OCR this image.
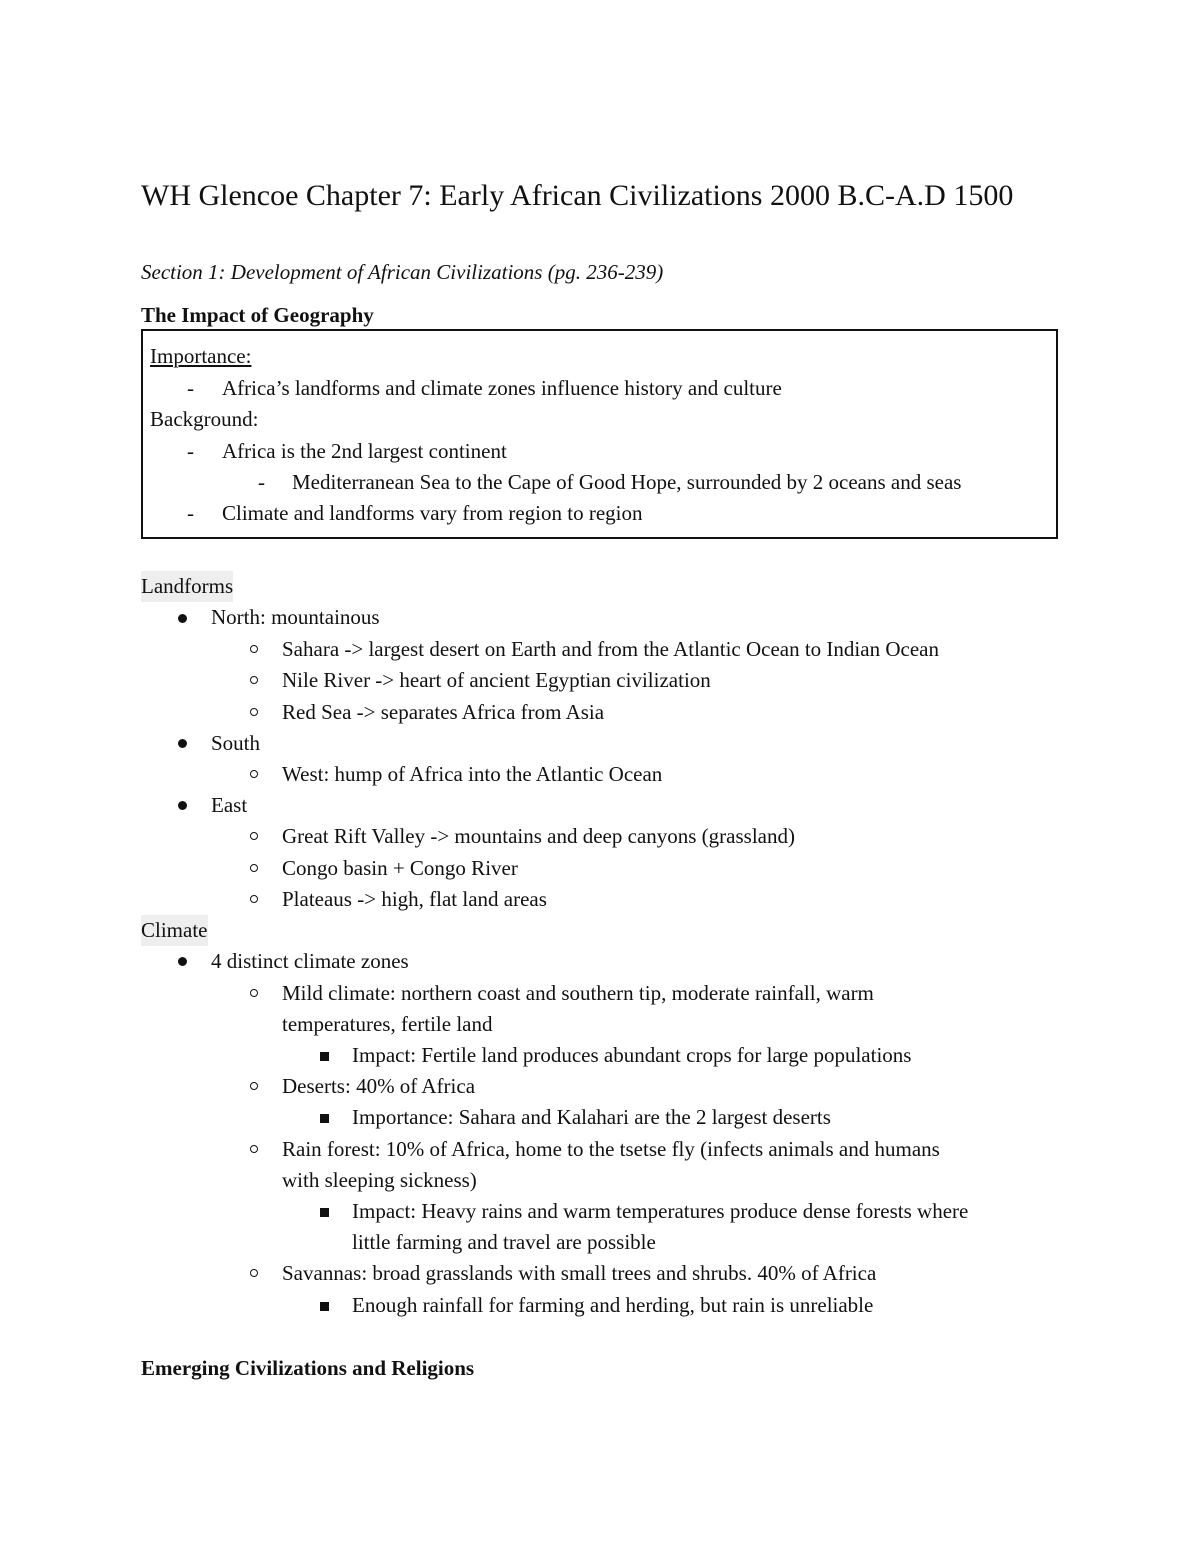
WH Glencoe Chapter 7: Early African Civilizations 2000 B.C-A.D 1500
Section 1: Development of African Civilizations (pg. 236-239)
The Impact of Geography
Importance:
- Africa’s landforms and climate zones influence history and culture
Background:
- Africa is the 2nd largest continent
- Mediterranean Sea to the Cape of Good Hope, surrounded by 2 oceans and seas
- Climate and landforms vary from region to region
Landforms
North: mountainous
Sahara -> largest desert on Earth and from the Atlantic Ocean to Indian Ocean
Nile River -> heart of ancient Egyptian civilization
Red Sea -> separates Africa from Asia
South
West: hump of Africa into the Atlantic Ocean
East
Great Rift Valley -> mountains and deep canyons (grassland)
Congo basin + Congo River
Plateaus -> high, flat land areas
Climate
4 distinct climate zones
Mild climate: northern coast and southern tip, moderate rainfall, warm
temperatures, fertile land
Impact: Fertile land produces abundant crops for large populations
Deserts: 40% of Africa
Importance: Sahara and Kalahari are the 2 largest deserts
Rain forest: 10% of Africa, home to the tsetse fly (infects animals and humans
with sleeping sickness)
Impact: Heavy rains and warm temperatures produce dense forests where
little farming and travel are possible
Savannas: broad grasslands with small trees and shrubs. 40% of Africa
Enough rainfall for farming and herding, but rain is unreliable
Emerging Civilizations and Religions
